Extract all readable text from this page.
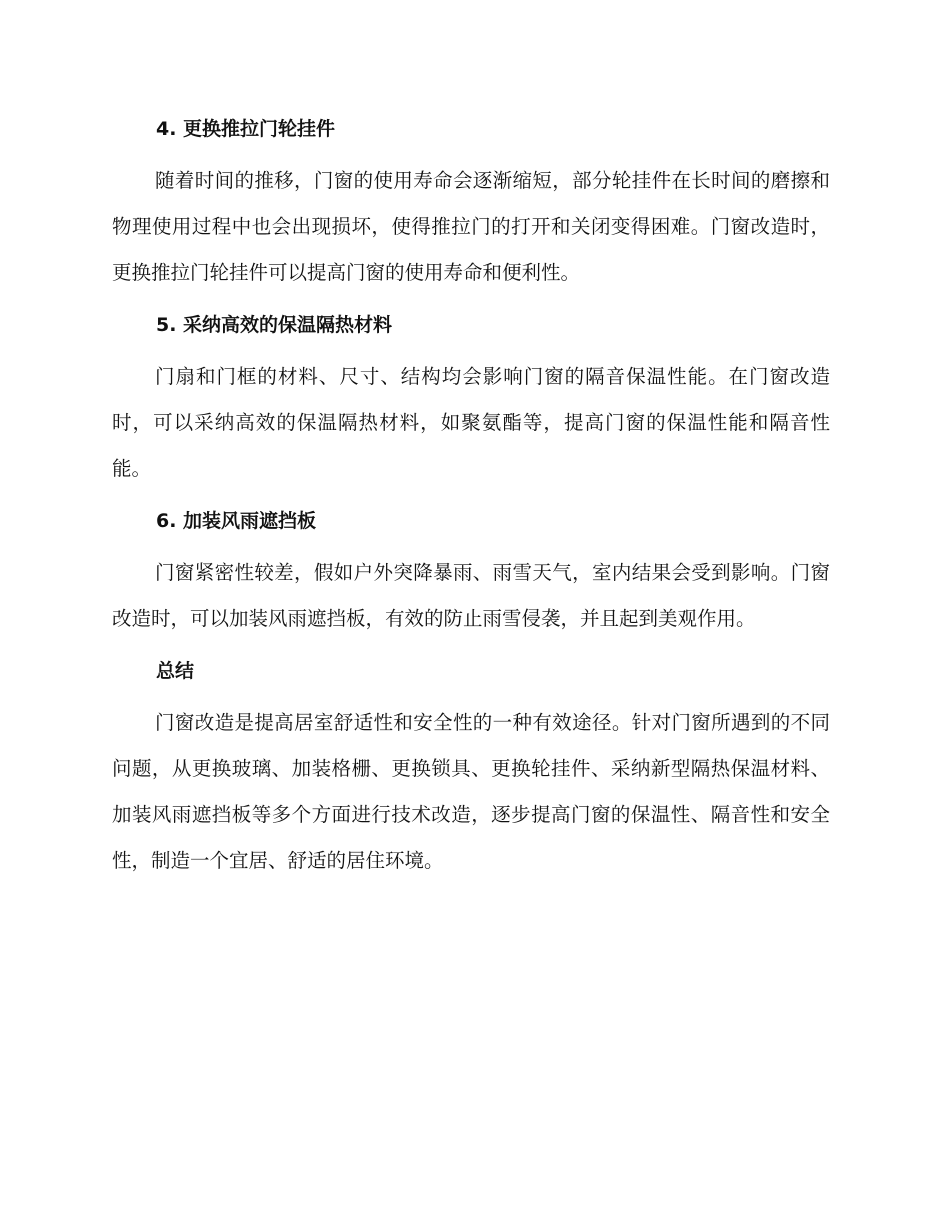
4. 更换推拉门轮挂件

随着时间的推移，门窗的使用寿命会逐渐缩短，部分轮挂件在长时间的磨擦和物理使用过程中也会出现损坏，使得推拉门的打开和关闭变得困难。门窗改造时，更换推拉门轮挂件可以提高门窗的使用寿命和便利性。

5. 采纳高效的保温隔热材料

门扇和门框的材料、尺寸、结构均会影响门窗的隔音保温性能。在门窗改造时，可以采纳高效的保温隔热材料，如聚氨酯等，提高门窗的保温性能和隔音性能。

6. 加装风雨遮挡板

门窗紧密性较差，假如户外突降暴雨、雨雪天气，室内结果会受到影响。门窗改造时，可以加装风雨遮挡板，有效的防止雨雪侵袭，并且起到美观作用。

总结

门窗改造是提高居室舒适性和安全性的一种有效途径。针对门窗所遇到的不同问题，从更换玻璃、加装格栅、更换锁具、更换轮挂件、采纳新型隔热保温材料、加装风雨遮挡板等多个方面进行技术改造，逐步提高门窗的保温性、隔音性和安全性，制造一个宜居、舒适的居住环境。
